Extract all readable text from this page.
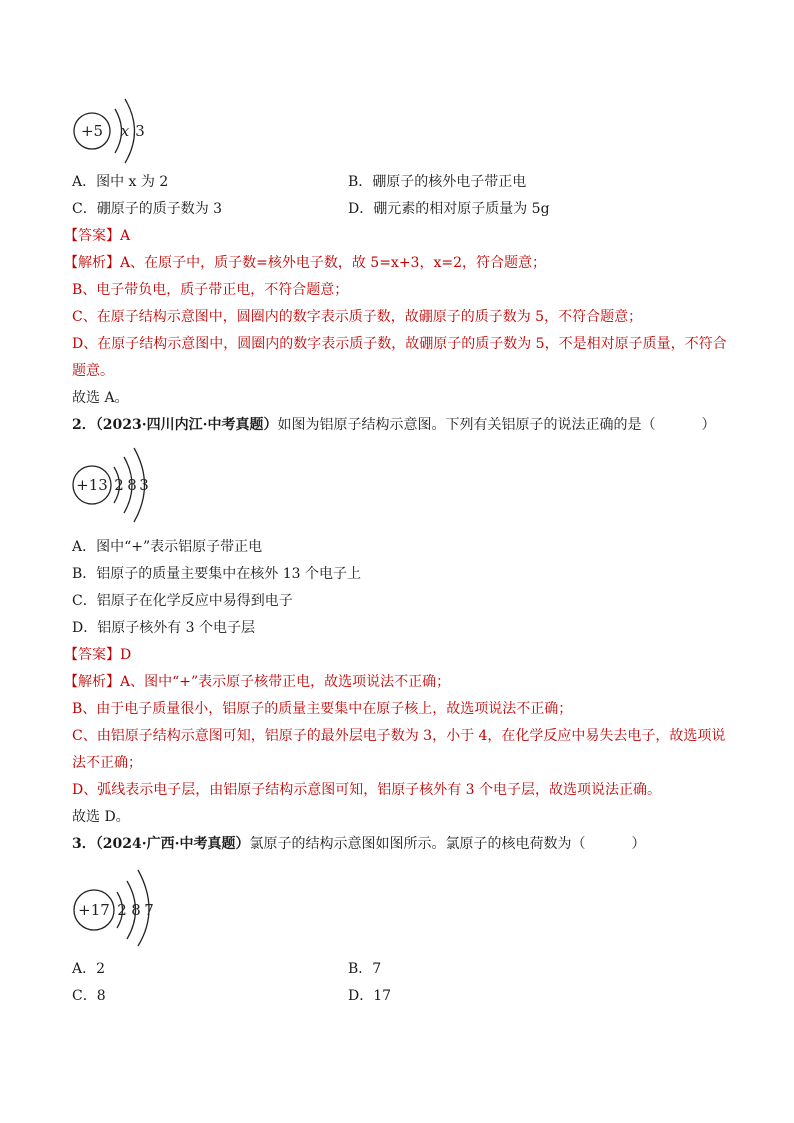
+5 x 3
A．图中 x 为 2	B．硼原子的核外电子带正电
C．硼原子的质子数为 3	D．硼元素的相对原子质量为 5g
【答案】A
【解析】A、在原子中，质子数=核外电子数，故 5=x+3，x=2，符合题意；
B、电子带负电，质子带正电，不符合题意；
C、在原子结构示意图中，圆圈内的数字表示质子数，故硼原子的质子数为 5，不符合题意；
D、在原子结构示意图中，圆圈内的数字表示质子数，故硼原子的质子数为 5，不是相对原子质量，不符合
题意。
故选 A。
2．（2023·四川内江·中考真题）如图为铝原子结构示意图。下列有关铝原子的说法正确的是（	）
+13 2 8 3
A．图中“+”表示铝原子带正电
B．铝原子的质量主要集中在核外 13 个电子上
C．铝原子在化学反应中易得到电子
D．铝原子核外有 3 个电子层
【答案】D
【解析】A、图中“+”表示原子核带正电，故选项说法不正确；
B、由于电子质量很小，铝原子的质量主要集中在原子核上，故选项说法不正确；
C、由铝原子结构示意图可知，铝原子的最外层电子数为 3，小于 4，在化学反应中易失去电子，故选项说
法不正确；
D、弧线表示电子层，由铝原子结构示意图可知，铝原子核外有 3 个电子层，故选项说法正确。
故选 D。
3．（2024·广西·中考真题）氯原子的结构示意图如图所示。氯原子的核电荷数为（	）
+17 2 8 7
A．2	B．7
C．8	D．17
